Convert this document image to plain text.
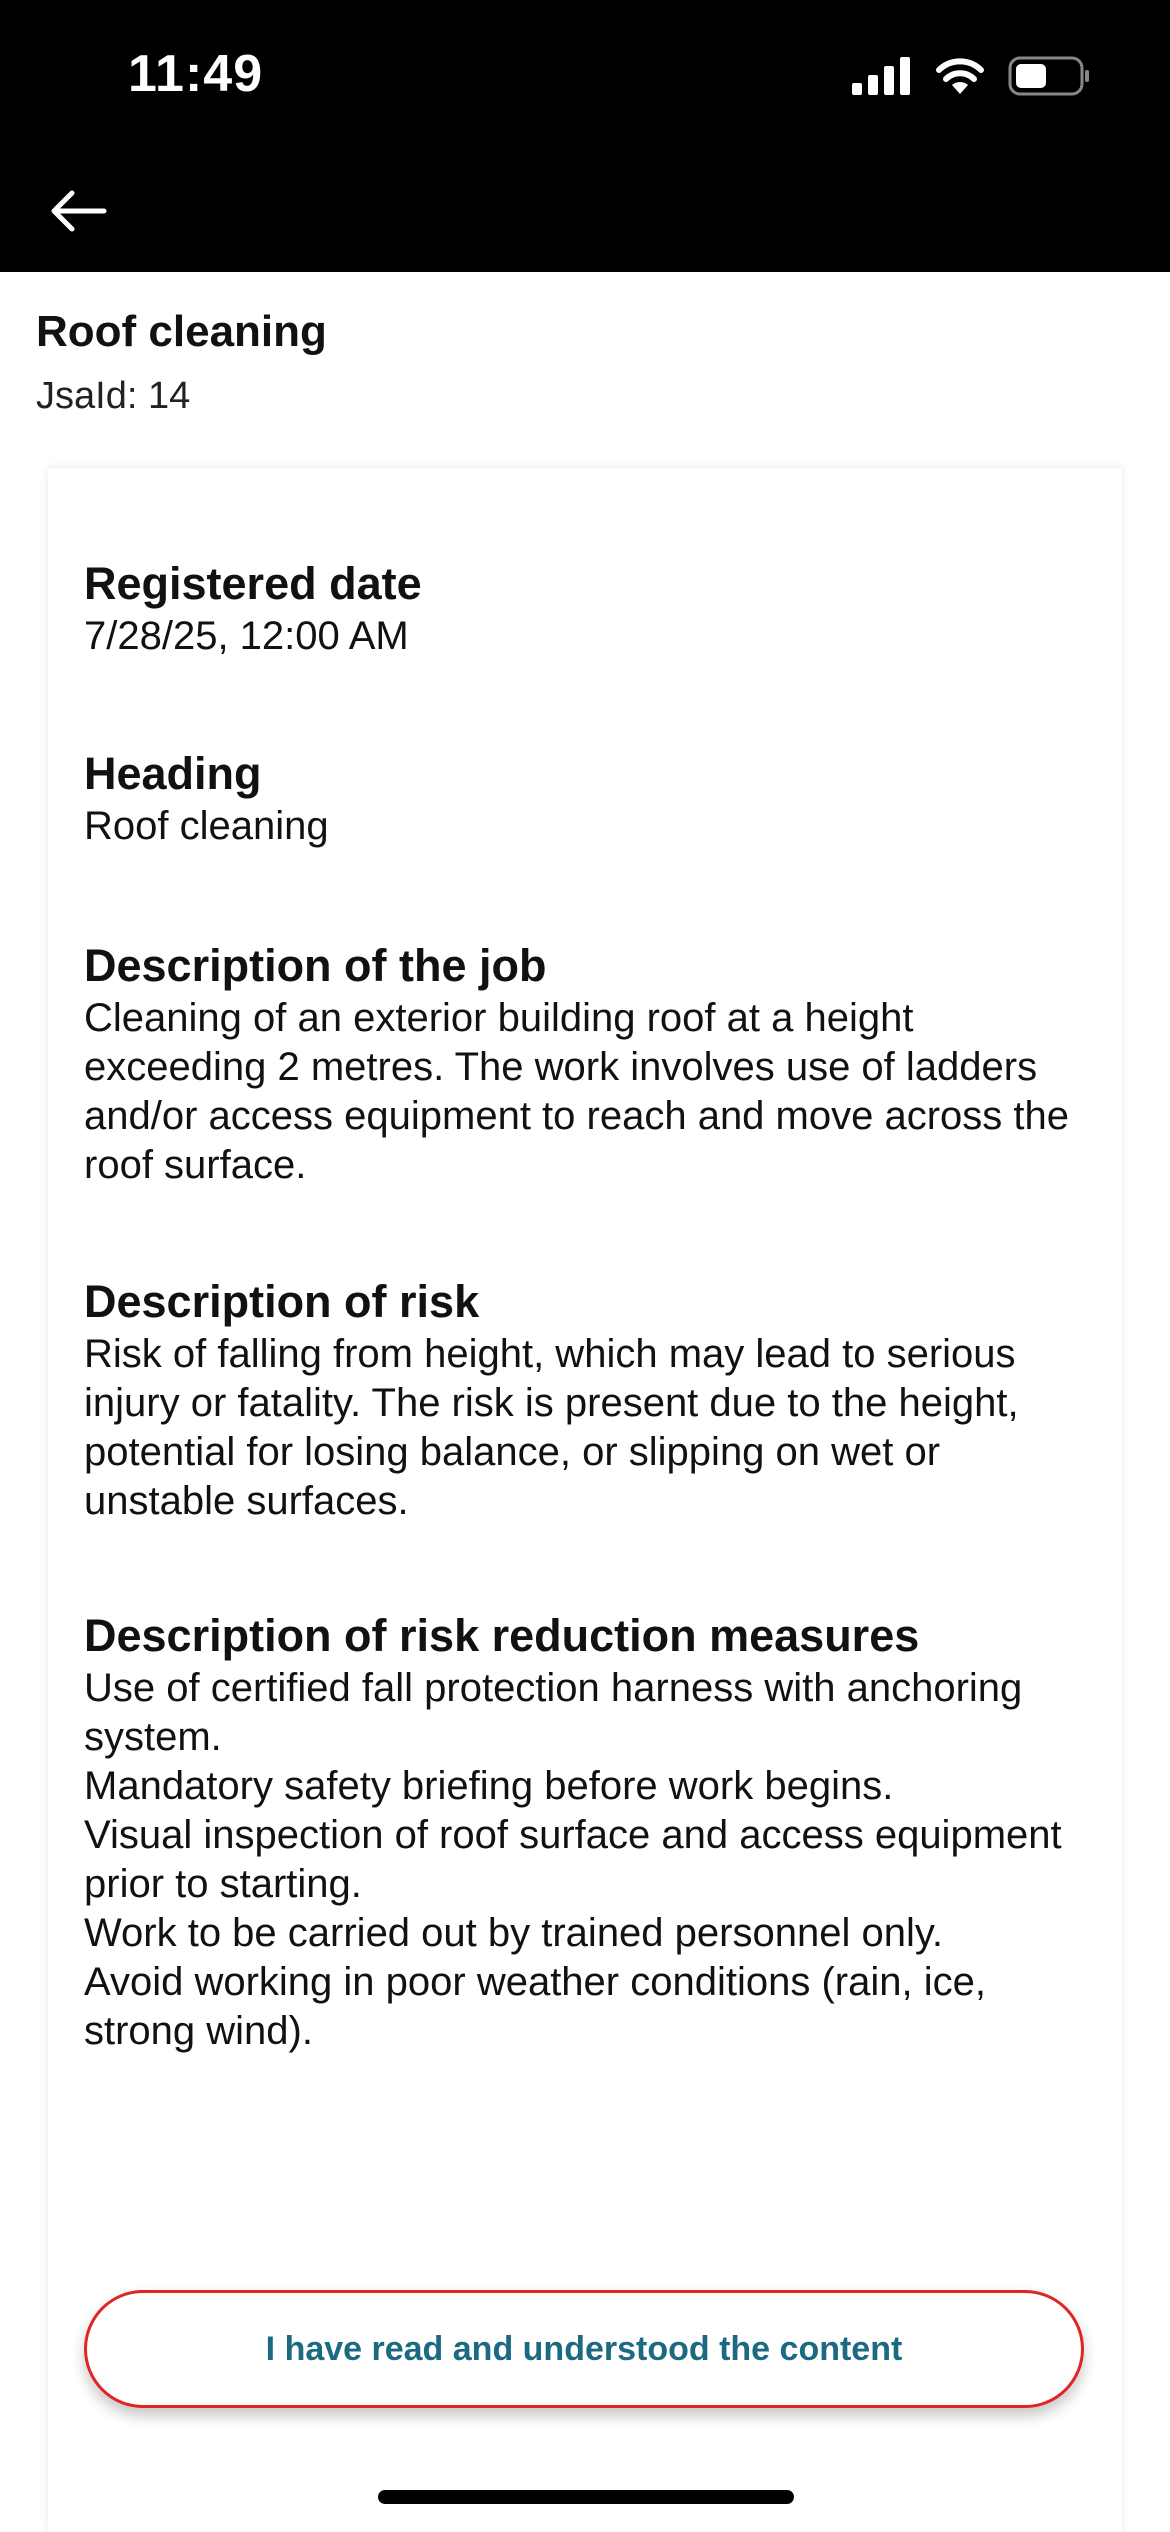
11:49
Roof cleaning
JsaId: 14
Registered date
7/28/25, 12:00 AM
Heading
Roof cleaning
Description of the job
Cleaning of an exterior building roof at a height exceeding 2 metres. The work involves use of ladders and/or access equipment to reach and move across the roof surface.
Description of risk
Risk of falling from height, which may lead to serious injury or fatality. The risk is present due to the height, potential for losing balance, or slipping on wet or unstable surfaces.
Description of risk reduction measures
Use of certified fall protection harness with anchoring system.
Mandatory safety briefing before work begins.
Visual inspection of roof surface and access equipment prior to starting.
Work to be carried out by trained personnel only.
Avoid working in poor weather conditions (rain, ice, strong wind).
I have read and understood the content
